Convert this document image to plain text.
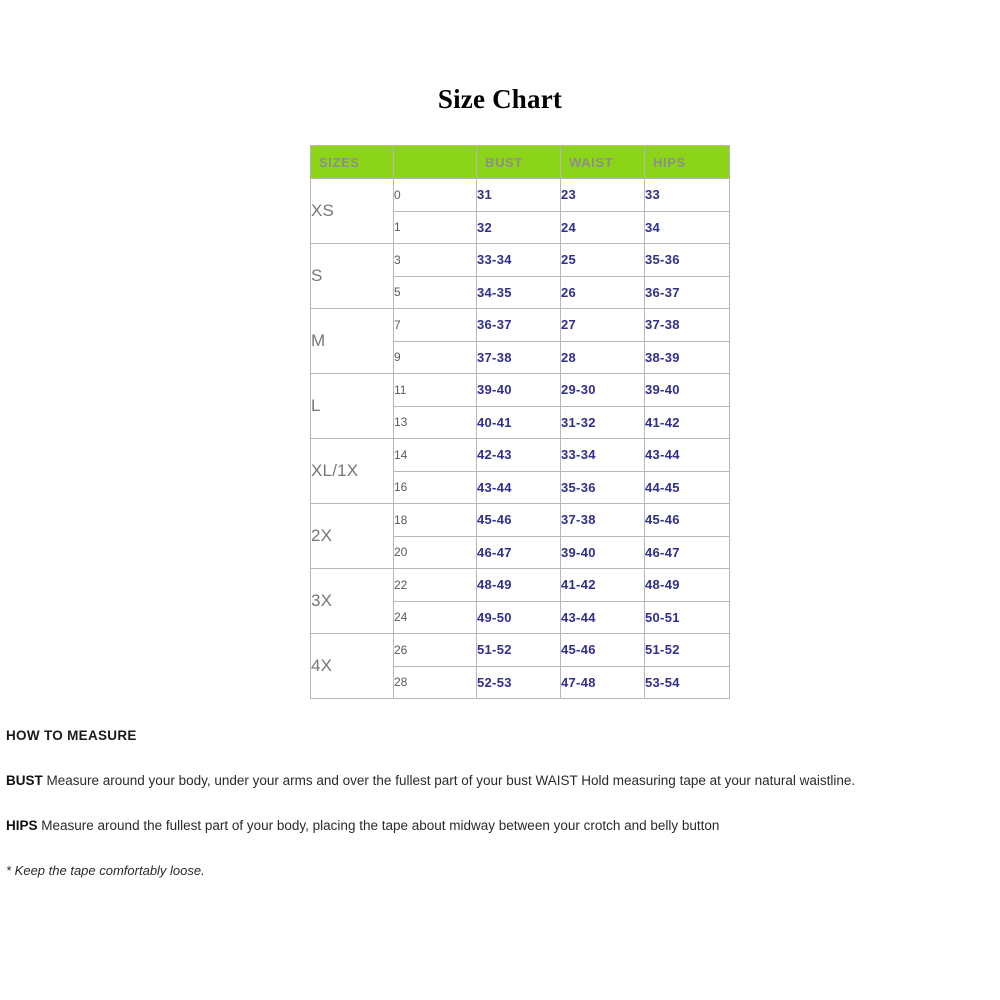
Size Chart
SIZES		BUST	WAIST	HIPS
XS	0	31	23	33
	1	32	24	34
S	3	33-34	25	35-36
	5	34-35	26	36-37
M	7	36-37	27	37-38
	9	37-38	28	38-39
L	11	39-40	29-30	39-40
	13	40-41	31-32	41-42
XL/1X	14	42-43	33-34	43-44
	16	43-44	35-36	44-45
2X	18	45-46	37-38	45-46
	20	46-47	39-40	46-47
3X	22	48-49	41-42	48-49
	24	49-50	43-44	50-51
4X	26	51-52	45-46	51-52
	28	52-53	47-48	53-54
HOW TO MEASURE
BUST Measure around your body, under your arms and over the fullest part of your bust WAIST Hold measuring tape at your natural waistline.
HIPS Measure around the fullest part of your body, placing the tape about midway between your crotch and belly button
* Keep the tape comfortably loose.
